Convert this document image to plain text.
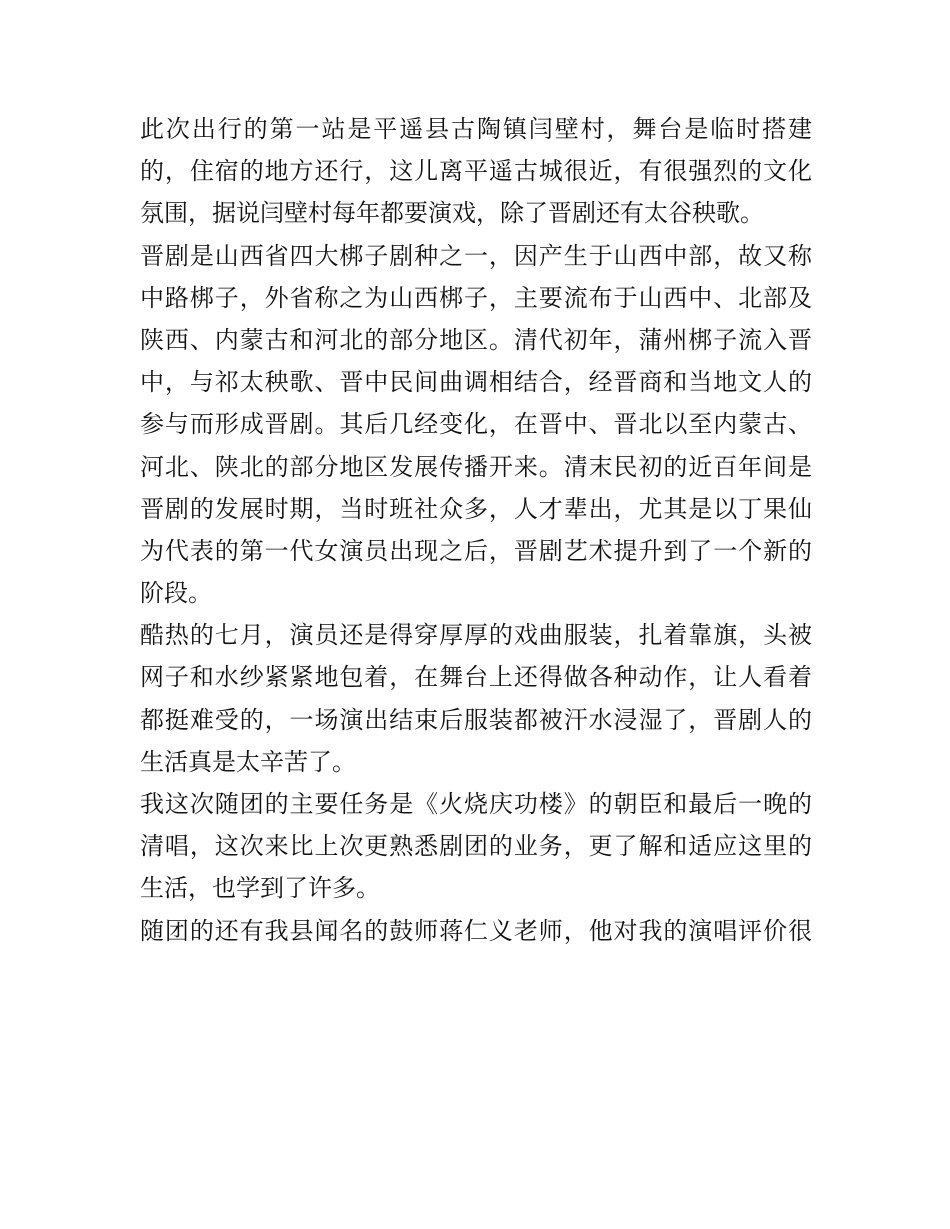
此次出行的第一站是平遥县古陶镇闫壁村，舞台是临时搭建
的，住宿的地方还行，这儿离平遥古城很近，有很强烈的文化
氛围，据说闫壁村每年都要演戏，除了晋剧还有太谷秧歌。
晋剧是山西省四大梆子剧种之一，因产生于山西中部，故又称
中路梆子，外省称之为山西梆子，主要流布于山西中、北部及
陕西、内蒙古和河北的部分地区。清代初年，蒲州梆子流入晋
中，与祁太秧歌、晋中民间曲调相结合，经晋商和当地文人的
参与而形成晋剧。其后几经变化，在晋中、晋北以至内蒙古、
河北、陕北的部分地区发展传播开来。清末民初的近百年间是
晋剧的发展时期，当时班社众多，人才辈出，尤其是以丁果仙
为代表的第一代女演员出现之后，晋剧艺术提升到了一个新的
阶段。
酷热的七月，演员还是得穿厚厚的戏曲服装，扎着靠旗，头被
网子和水纱紧紧地包着，在舞台上还得做各种动作，让人看着
都挺难受的，一场演出结束后服装都被汗水浸湿了，晋剧人的
生活真是太辛苦了。
我这次随团的主要任务是《火烧庆功楼》的朝臣和最后一晚的
清唱，这次来比上次更熟悉剧团的业务，更了解和适应这里的
生活，也学到了许多。
随团的还有我县闻名的鼓师蒋仁义老师，他对我的演唱评价很
